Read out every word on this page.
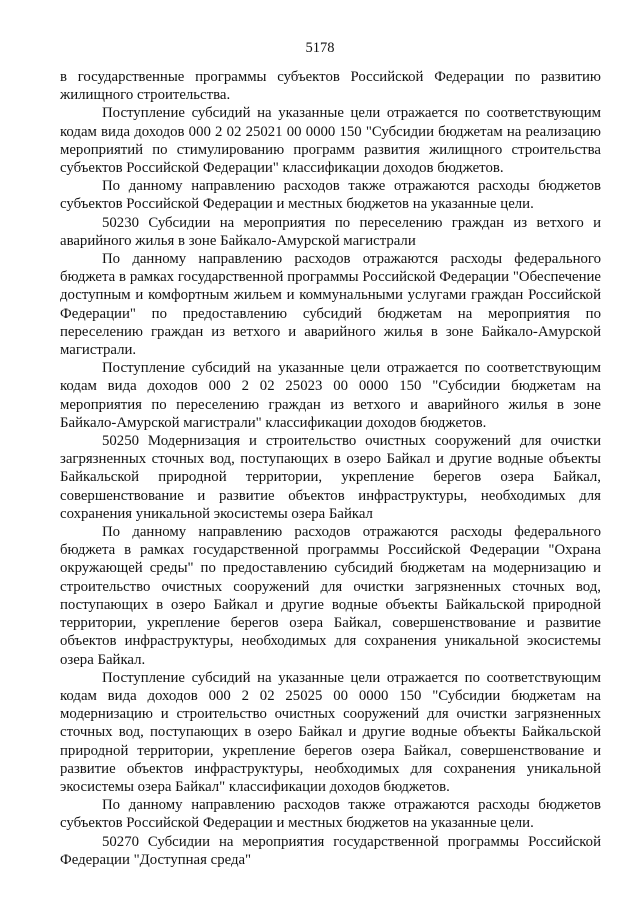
5178

в государственные программы субъектов Российской Федерации по развитию жилищного строительства.

Поступление субсидий на указанные цели отражается по соответствующим кодам вида доходов 000 2 02 25021 00 0000 150 "Субсидии бюджетам на реализацию мероприятий по стимулированию программ развития жилищного строительства субъектов Российской Федерации" классификации доходов бюджетов.

По данному направлению расходов также отражаются расходы бюджетов субъектов Российской Федерации и местных бюджетов на указанные цели.

50230 Субсидии на мероприятия по переселению граждан из ветхого и аварийного жилья в зоне Байкало-Амурской магистрали

По данному направлению расходов отражаются расходы федерального бюджета в рамках государственной программы Российской Федерации "Обеспечение доступным и комфортным жильем и коммунальными услугами граждан Российской Федерации" по предоставлению субсидий бюджетам на мероприятия по переселению граждан из ветхого и аварийного жилья в зоне Байкало-Амурской магистрали.

Поступление субсидий на указанные цели отражается по соответствующим кодам вида доходов 000 2 02 25023 00 0000 150 "Субсидии бюджетам на мероприятия по переселению граждан из ветхого и аварийного жилья в зоне Байкало-Амурской магистрали" классификации доходов бюджетов.

50250 Модернизация и строительство очистных сооружений для очистки загрязненных сточных вод, поступающих в озеро Байкал и другие водные объекты Байкальской природной территории, укрепление берегов озера Байкал, совершенствование и развитие объектов инфраструктуры, необходимых для сохранения уникальной экосистемы озера Байкал

По данному направлению расходов отражаются расходы федерального бюджета в рамках государственной программы Российской Федерации "Охрана окружающей среды" по предоставлению субсидий бюджетам на модернизацию и строительство очистных сооружений для очистки загрязненных сточных вод, поступающих в озеро Байкал и другие водные объекты Байкальской природной территории, укрепление берегов озера Байкал, совершенствование и развитие объектов инфраструктуры, необходимых для сохранения уникальной экосистемы озера Байкал.

Поступление субсидий на указанные цели отражается по соответствующим кодам вида доходов 000 2 02 25025 00 0000 150 "Субсидии бюджетам на модернизацию и строительство очистных сооружений для очистки загрязненных сточных вод, поступающих в озеро Байкал и другие водные объекты Байкальской природной территории, укрепление берегов озера Байкал, совершенствование и развитие объектов инфраструктуры, необходимых для сохранения уникальной экосистемы озера Байкал" классификации доходов бюджетов.

По данному направлению расходов также отражаются расходы бюджетов субъектов Российской Федерации и местных бюджетов на указанные цели.

50270 Субсидии на мероприятия государственной программы Российской Федерации "Доступная среда"
